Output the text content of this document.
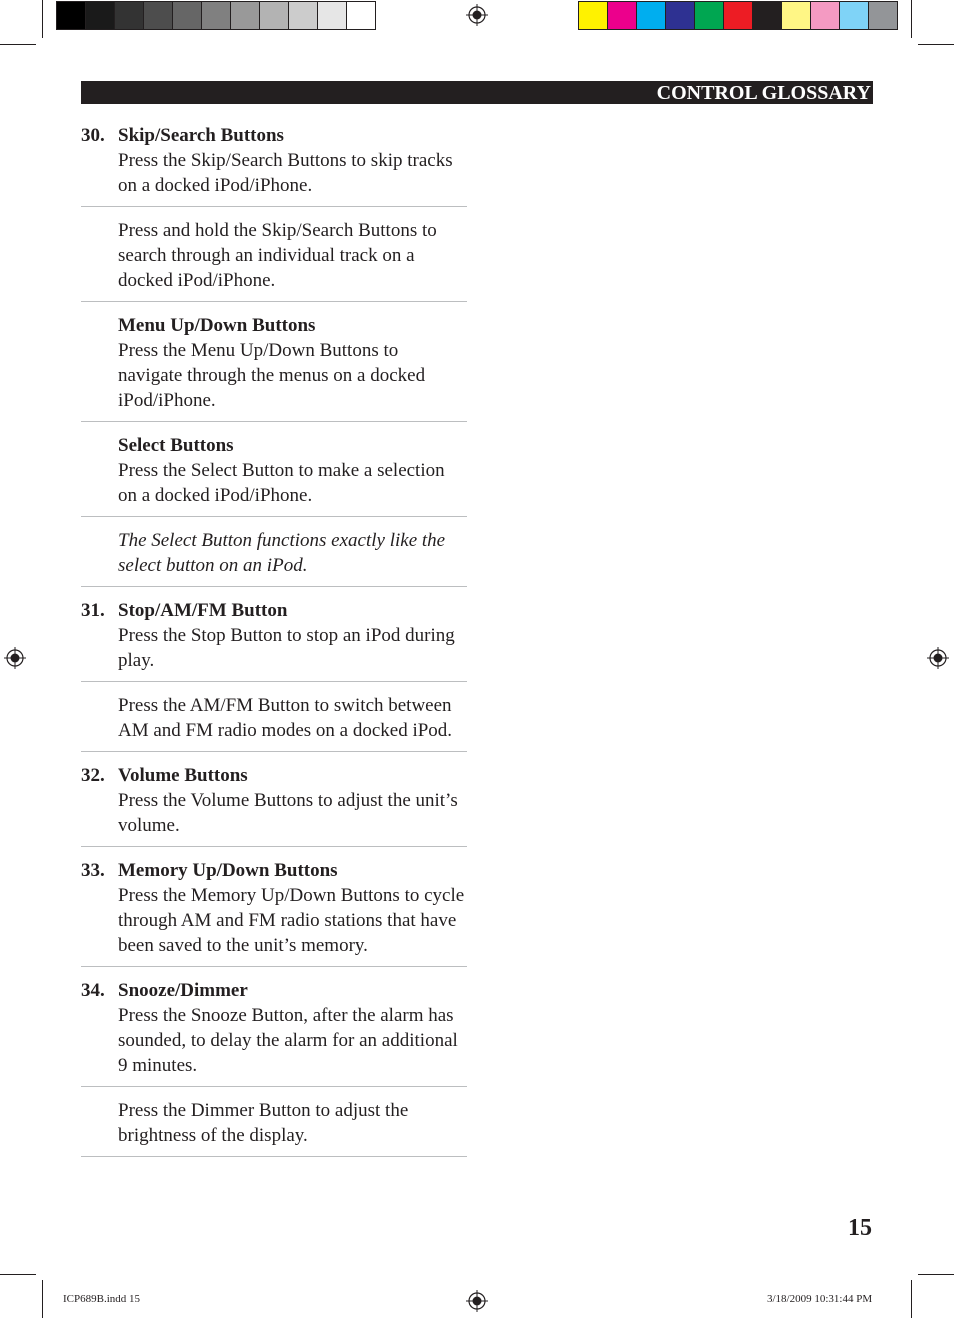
CONTROL GLOSSARY
30. Skip/Search Buttons
Press the Skip/Search Buttons to skip tracks on a docked iPod/iPhone.
Press and hold the Skip/Search Buttons to search through an individual track on a docked iPod/iPhone.
Menu Up/Down Buttons
Press the Menu Up/Down Buttons to navigate through the menus on a docked iPod/iPhone.
Select Buttons
Press the Select Button to make a selection on a docked iPod/iPhone.
The Select Button functions exactly like the select button on an iPod.
31. Stop/AM/FM Button
Press the Stop Button to stop an iPod during play.
Press the AM/FM Button to switch between AM and FM radio modes on a docked iPod.
32. Volume Buttons
Press the Volume Buttons to adjust the unit’s volume.
33. Memory Up/Down Buttons
Press the Memory Up/Down Buttons to cycle through AM and FM radio stations that have been saved to the unit’s memory.
34. Snooze/Dimmer
Press the Snooze Button, after the alarm has sounded, to delay the alarm for an additional 9 minutes.
Press the Dimmer Button to adjust the brightness of the display.
15
ICP689B.indd 15	3/18/2009 10:31:44 PM
